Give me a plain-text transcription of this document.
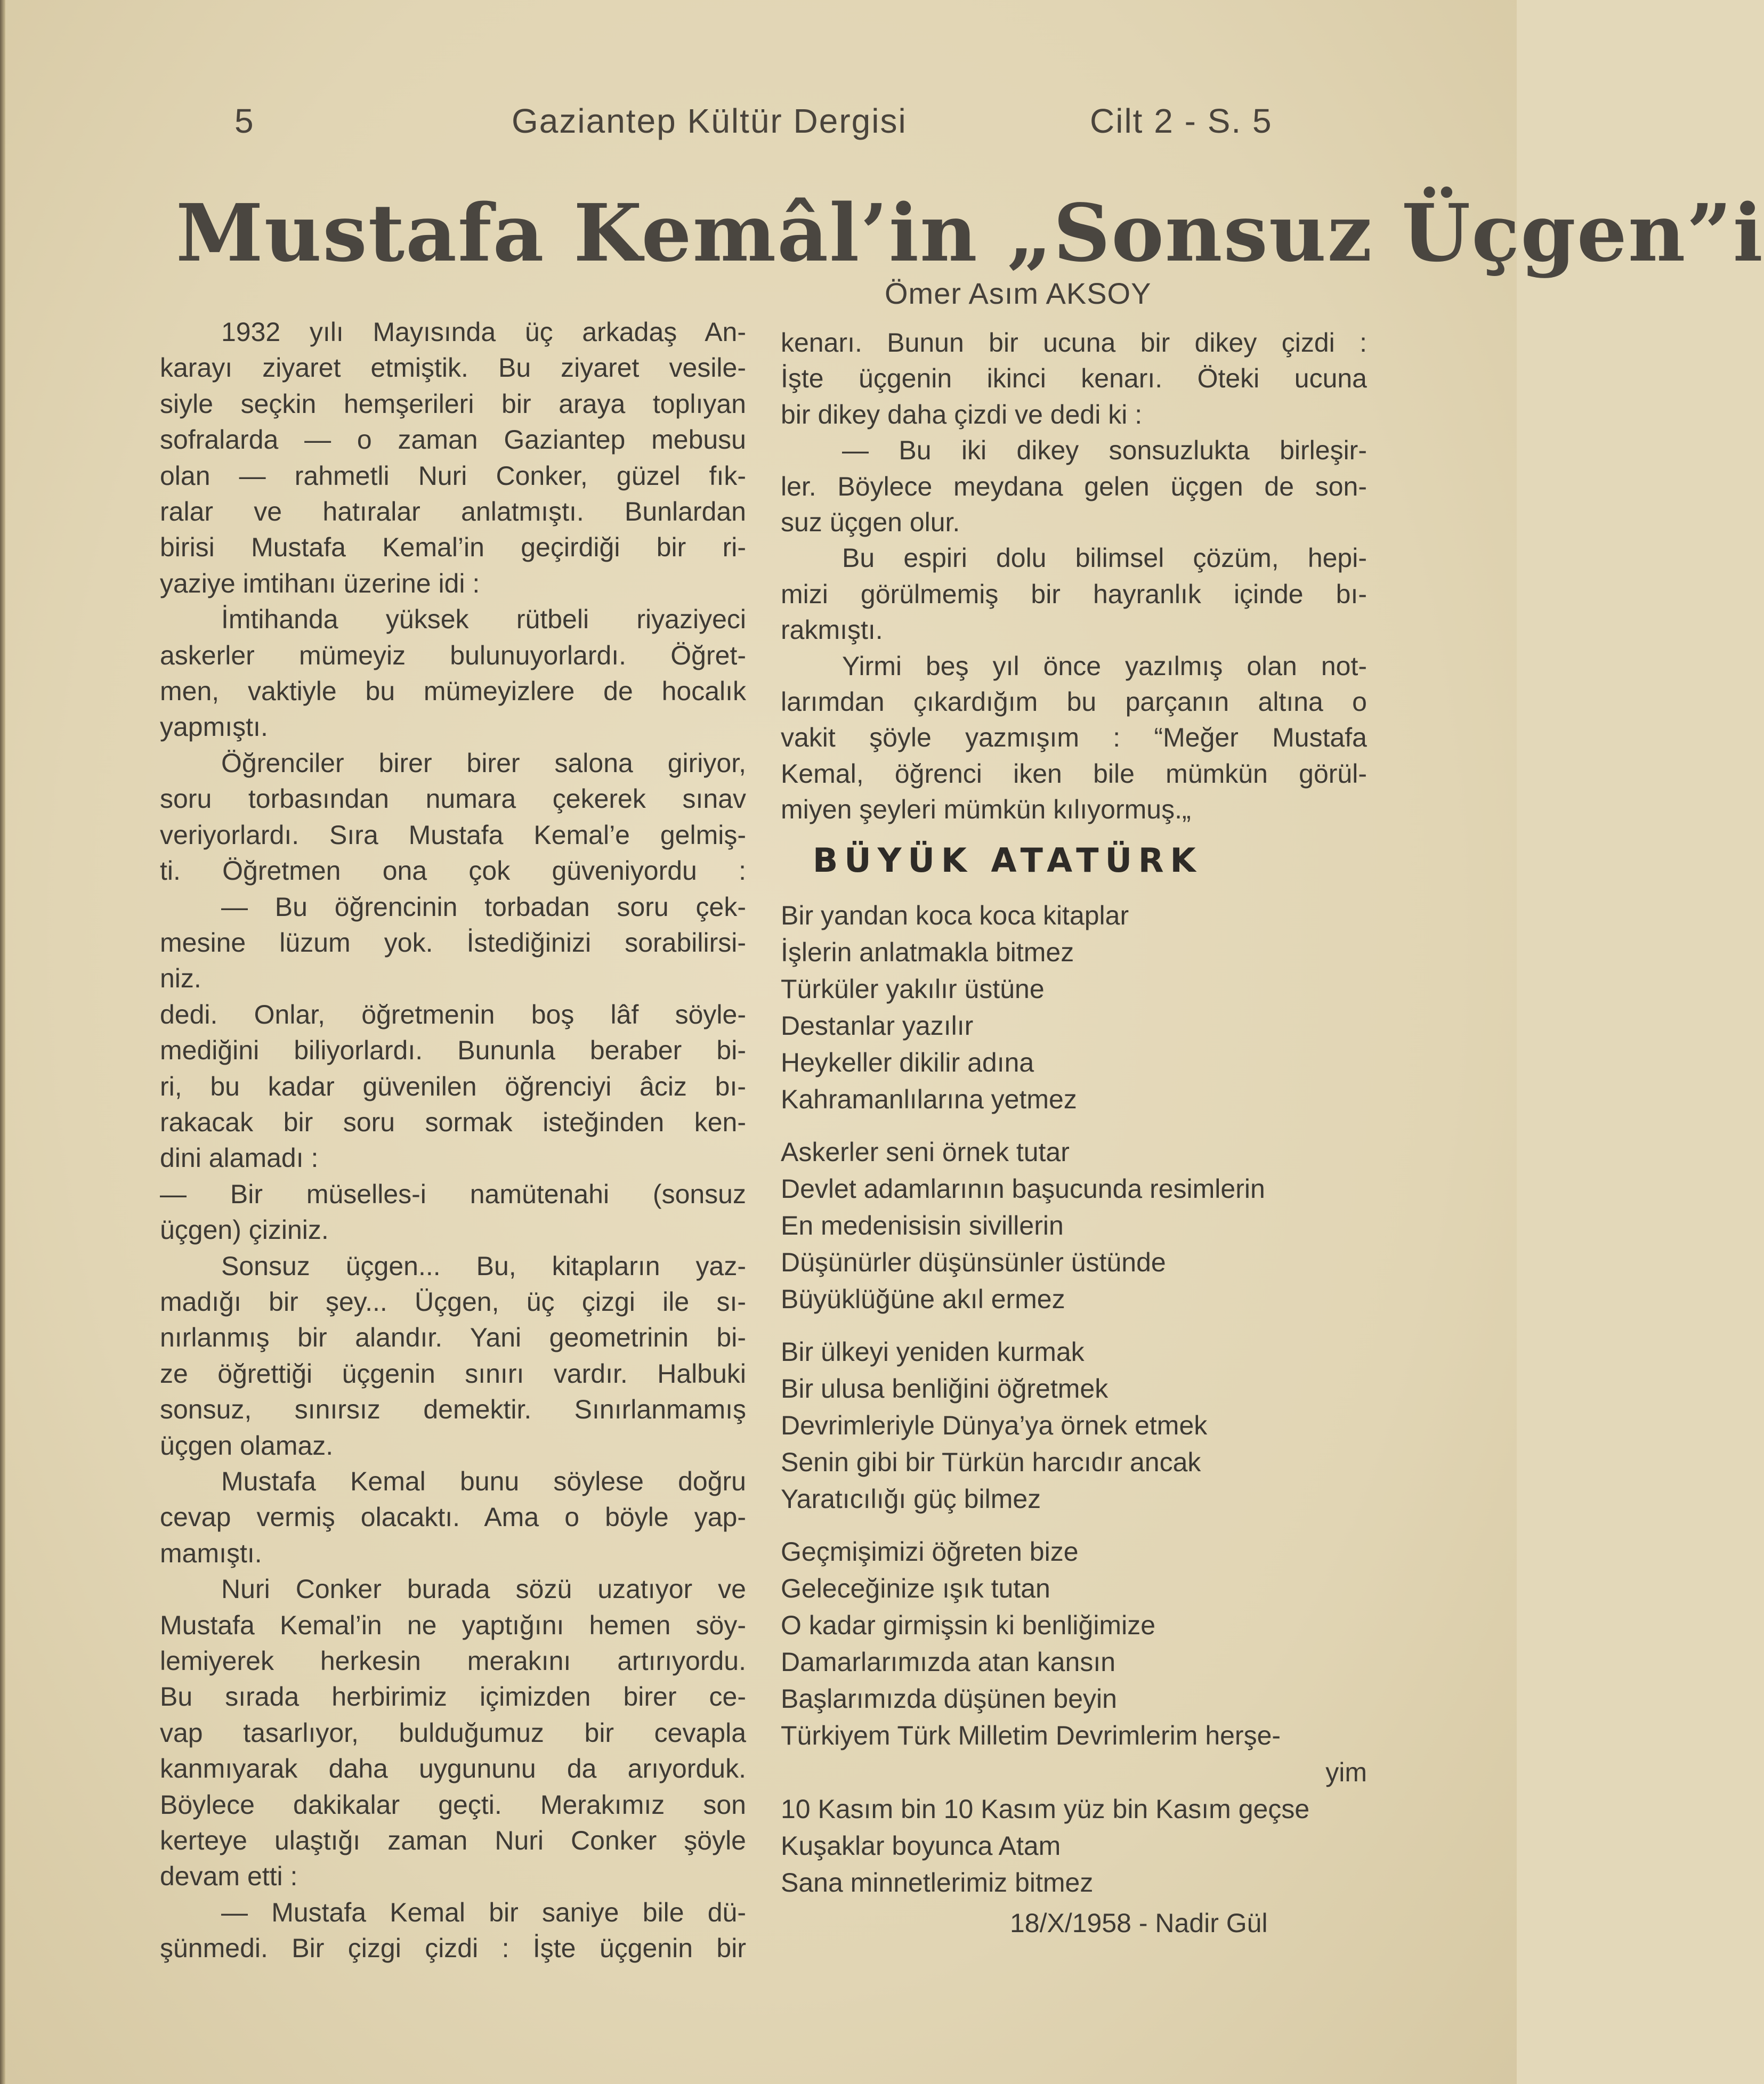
5	Gaziantep Kültür Dergisi	Cilt 2 - S. 5
Mustafa Kemâl’in „Sonsuz Üçgen”i
Ömer Asım AKSOY
1932 yılı Mayısında üç arkadaş An-
karayı ziyaret etmiştik. Bu ziyaret vesile-
siyle seçkin hemşerileri bir araya toplıyan
sofralarda — o zaman Gaziantep mebusu
olan — rahmetli Nuri Conker, güzel fık-
ralar ve hatıralar anlatmıştı. Bunlardan
birisi Mustafa Kemal’in geçirdiği bir ri-
yaziye imtihanı üzerine idi :
İmtihanda yüksek rütbeli riyaziyeci
askerler mümeyiz bulunuyorlardı. Öğret-
men, vaktiyle bu mümeyizlere de hocalık
yapmıştı.
Öğrenciler birer birer salona giriyor,
soru torbasından numara çekerek sınav
veriyorlardı. Sıra Mustafa Kemal’e gelmiş-
ti. Öğretmen ona çok güveniyordu :
— Bu öğrencinin torbadan soru çek-
mesine lüzum yok. İstediğinizi sorabilirsi-
niz.
dedi. Onlar, öğretmenin boş lâf söyle-
mediğini biliyorlardı. Bununla beraber bi-
ri, bu kadar güvenilen öğrenciyi âciz bı-
rakacak bir soru sormak isteğinden ken-
dini alamadı :
— Bir müselles-i namütenahi (sonsuz
üçgen) çiziniz.
Sonsuz üçgen... Bu, kitapların yaz-
madığı bir şey... Üçgen, üç çizgi ile sı-
nırlanmış bir alandır. Yani geometrinin bi-
ze öğrettiği üçgenin sınırı vardır. Halbuki
sonsuz, sınırsız demektir. Sınırlanmamış
üçgen olamaz.
Mustafa Kemal bunu söylese doğru
cevap vermiş olacaktı. Ama o böyle yap-
mamıştı.
Nuri Conker burada sözü uzatıyor ve
Mustafa Kemal’in ne yaptığını hemen söy-
lemiyerek herkesin merakını artırıyordu.
Bu sırada herbirimiz içimizden birer ce-
vap tasarlıyor, bulduğumuz bir cevapla
kanmıyarak daha uygununu da arıyorduk.
Böylece dakikalar geçti. Merakımız son
kerteye ulaştığı zaman Nuri Conker şöyle
devam etti :
— Mustafa Kemal bir saniye bile dü-
şünmedi. Bir çizgi çizdi : İşte üçgenin bir
kenarı. Bunun bir ucuna bir dikey çizdi :
İşte üçgenin ikinci kenarı. Öteki ucuna
bir dikey daha çizdi ve dedi ki :
— Bu iki dikey sonsuzlukta birleşir-
ler. Böylece meydana gelen üçgen de son-
suz üçgen olur.
Bu espiri dolu bilimsel çözüm, hepi-
mizi görülmemiş bir hayranlık içinde bı-
rakmıştı.
Yirmi beş yıl önce yazılmış olan not-
larımdan çıkardığım bu parçanın altına o
vakit şöyle yazmışım : “Meğer Mustafa
Kemal, öğrenci iken bile mümkün görül-
miyen şeyleri mümkün kılıyormuş.„
BÜYÜK ATATÜRK
Bir yandan koca koca kitaplar
İşlerin anlatmakla bitmez
Türküler yakılır üstüne
Destanlar yazılır
Heykeller dikilir adına
Kahramanlılarına yetmez
Askerler seni örnek tutar
Devlet adamlarının başucunda resimlerin
En medenisisin sivillerin
Düşünürler düşünsünler üstünde
Büyüklüğüne akıl ermez
Bir ülkeyi yeniden kurmak
Bir ulusa benliğini öğretmek
Devrimleriyle Dünya’ya örnek etmek
Senin gibi bir Türkün harcıdır ancak
Yaratıcılığı güç bilmez
Geçmişimizi öğreten bize
Geleceğinize ışık tutan
O kadar girmişsin ki benliğimize
Damarlarımızda atan kansın
Başlarımızda düşünen beyin
Türkiyem Türk Milletim Devrimlerim herşe-
yim
10 Kasım bin 10 Kasım yüz bin Kasım geçse
Kuşaklar boyunca Atam
Sana minnetlerimiz bitmez
18/X/1958 - Nadir Gül
